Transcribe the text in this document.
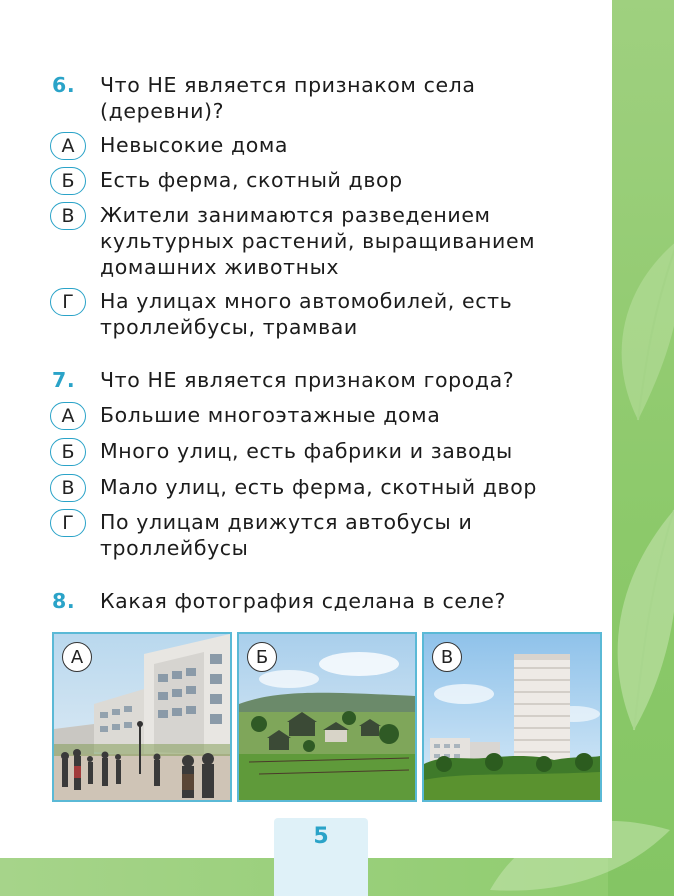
6.	Что НЕ является признаком села (деревни)?
А	Невысокие дома
Б	Есть ферма, скотный двор
В	Жители занимаются разведением культурных растений, выращиванием домашних животных
Г	На улицах много автомобилей, есть троллейбусы, трамваи
7.	Что НЕ является признаком города?
А	Большие многоэтажные дома
Б	Много улиц, есть фабрики и заводы
В	Мало улиц, есть ферма, скотный двор
Г	По улицам движутся автобусы и троллейбусы
8.	Какая фотография сделана в селе?
А	Б	В
5
